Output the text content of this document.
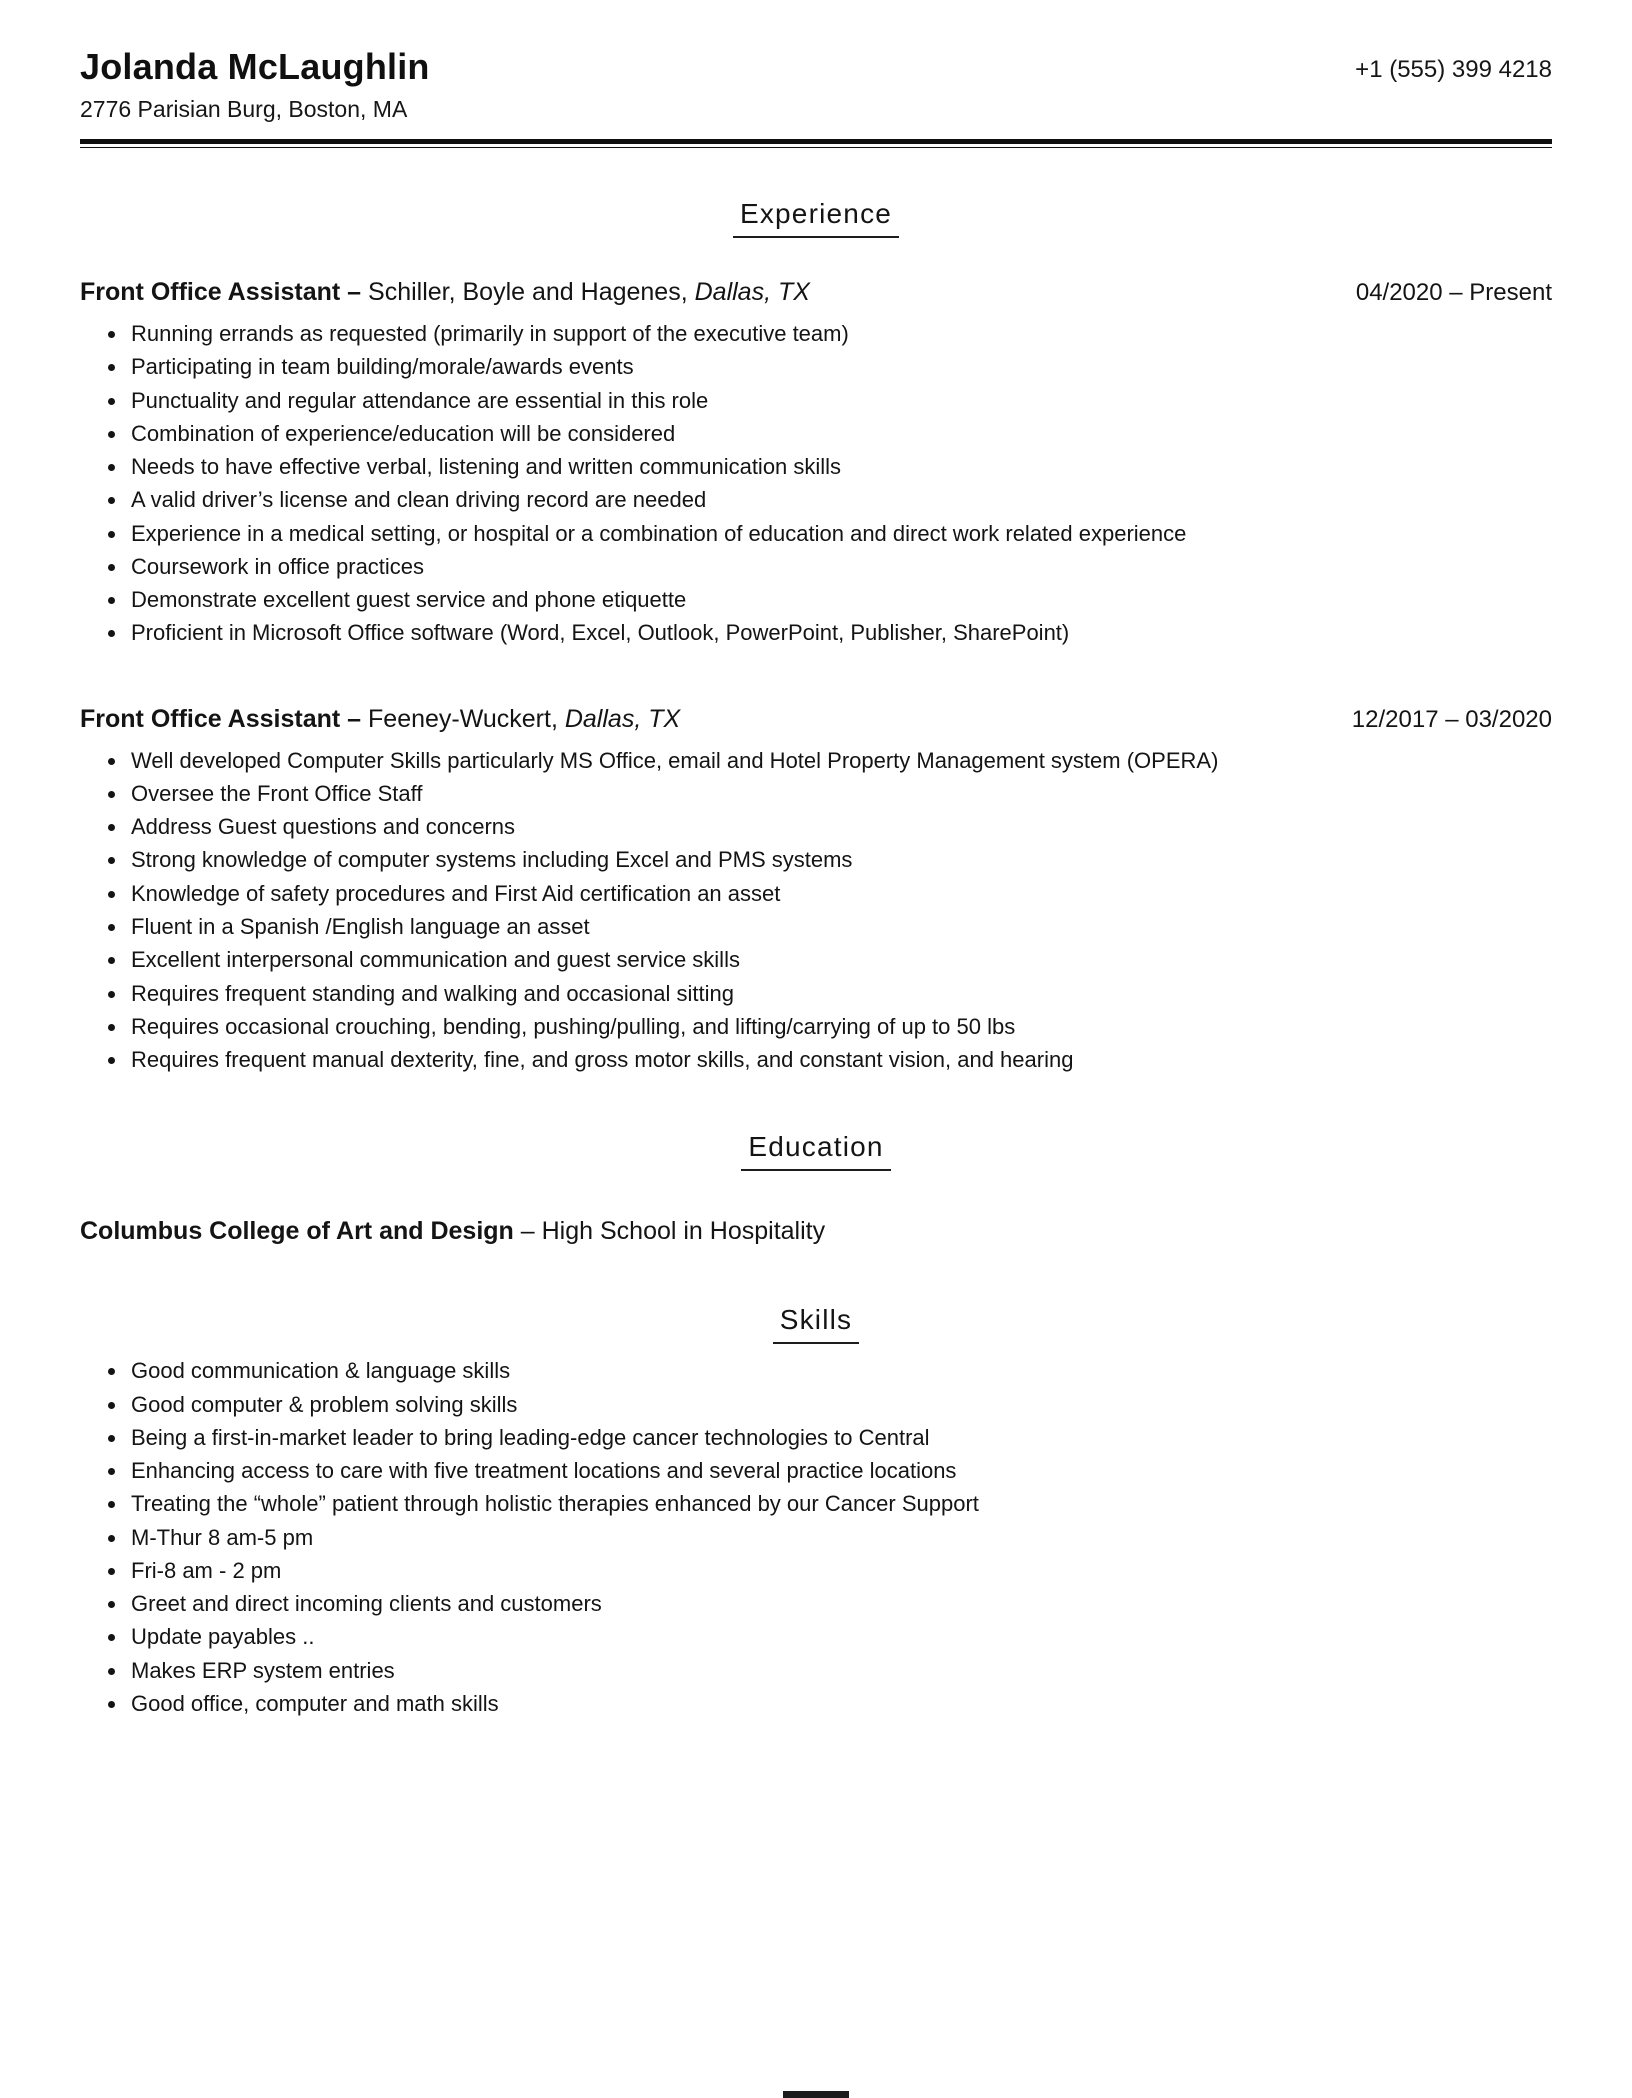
Jolanda McLaughlin
2776 Parisian Burg, Boston, MA
+1 (555) 399 4218
Experience
Front Office Assistant – Schiller, Boyle and Hagenes, Dallas, TX	04/2020 – Present
• Running errands as requested (primarily in support of the executive team)
• Participating in team building/morale/awards events
• Punctuality and regular attendance are essential in this role
• Combination of experience/education will be considered
• Needs to have effective verbal, listening and written communication skills
• A valid driver’s license and clean driving record are needed
• Experience in a medical setting, or hospital or a combination of education and direct work related experience
• Coursework in office practices
• Demonstrate excellent guest service and phone etiquette
• Proficient in Microsoft Office software (Word, Excel, Outlook, PowerPoint, Publisher, SharePoint)
Front Office Assistant – Feeney-Wuckert, Dallas, TX	12/2017 – 03/2020
• Well developed Computer Skills particularly MS Office, email and Hotel Property Management system (OPERA)
• Oversee the Front Office Staff
• Address Guest questions and concerns
• Strong knowledge of computer systems including Excel and PMS systems
• Knowledge of safety procedures and First Aid certification an asset
• Fluent in a Spanish /English language an asset
• Excellent interpersonal communication and guest service skills
• Requires frequent standing and walking and occasional sitting
• Requires occasional crouching, bending, pushing/pulling, and lifting/carrying of up to 50 lbs
• Requires frequent manual dexterity, fine, and gross motor skills, and constant vision, and hearing
Education
Columbus College of Art and Design – High School in Hospitality
Skills
• Good communication & language skills
• Good computer & problem solving skills
• Being a first-in-market leader to bring leading-edge cancer technologies to Central
• Enhancing access to care with five treatment locations and several practice locations
• Treating the “whole” patient through holistic therapies enhanced by our Cancer Support
• M-Thur 8 am-5 pm
• Fri-8 am - 2 pm
• Greet and direct incoming clients and customers
• Update payables ..
• Makes ERP system entries
• Good office, computer and math skills
